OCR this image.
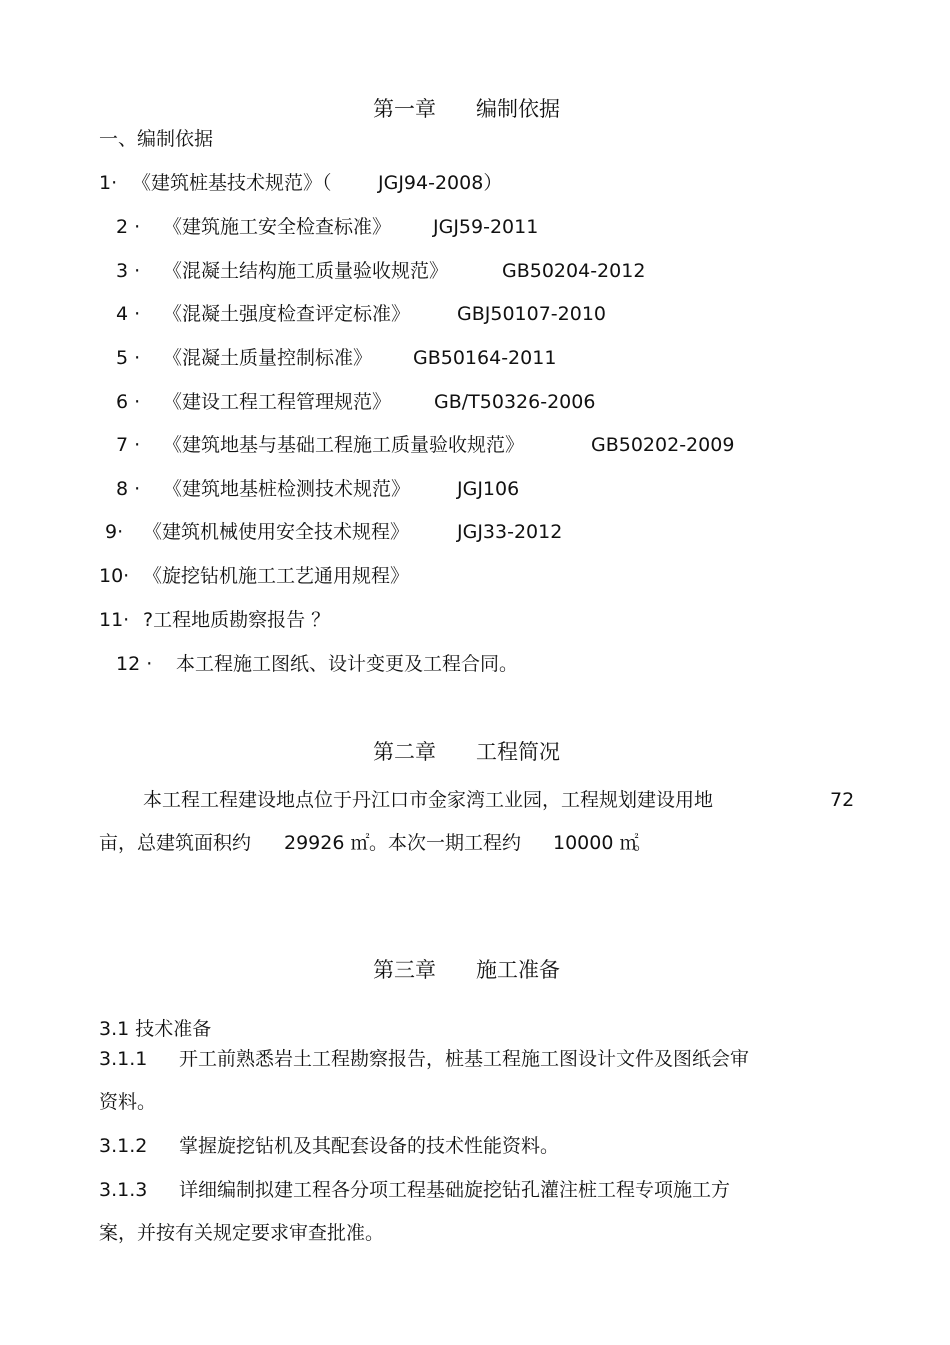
第一章 编制依据
一、编制依据
1· 《建筑桩基技术规范》（ JGJ94-2008）
2 · 《建筑施工安全检查标准》 JGJ59-2011
3 · 《混凝土结构施工质量验收规范》	GB50204-2012
4 · 《混凝土强度检查评定标准》 GBJ50107-2010
5 · 《混凝土质量控制标准》 GB50164-2011
6 · 《建设工程工程管理规范》 GB∕T50326-2006
7 · 《建筑地基与基础工程施工质量验收规范》	GB50202-2009
8 · 《建筑地基桩检测技术规范》 JGJ106
9· 《建筑机械使用安全技术规程》	JGJ33-2012
10· 《旋挖钻机施工工艺通用规程》
11· ?工程地质勘察报告 ？
12 · 本工程施工图纸、设计变更及工程合同。
第二章 工程简况
本工程工程建设地点位于丹江口市金家湾工业园，工程规划建设用地	72
亩，总建筑面积约 29926 ㎡ 。本次一期工程约 10000 ㎡
。
第三章 施工准备
3.1 技术准备
3.1.1 开工前熟悉岩土工程勘察报告，桩基工程施工图设计文件及图纸会审
资料。
3.1.2 掌握旋挖钻机及其配套设备的技术性能资料。
3.1.3 详细编制拟建工程各分项工程基础旋挖钻孔灌注桩工程专项施工方
案，并按有关规定要求审查批准。
